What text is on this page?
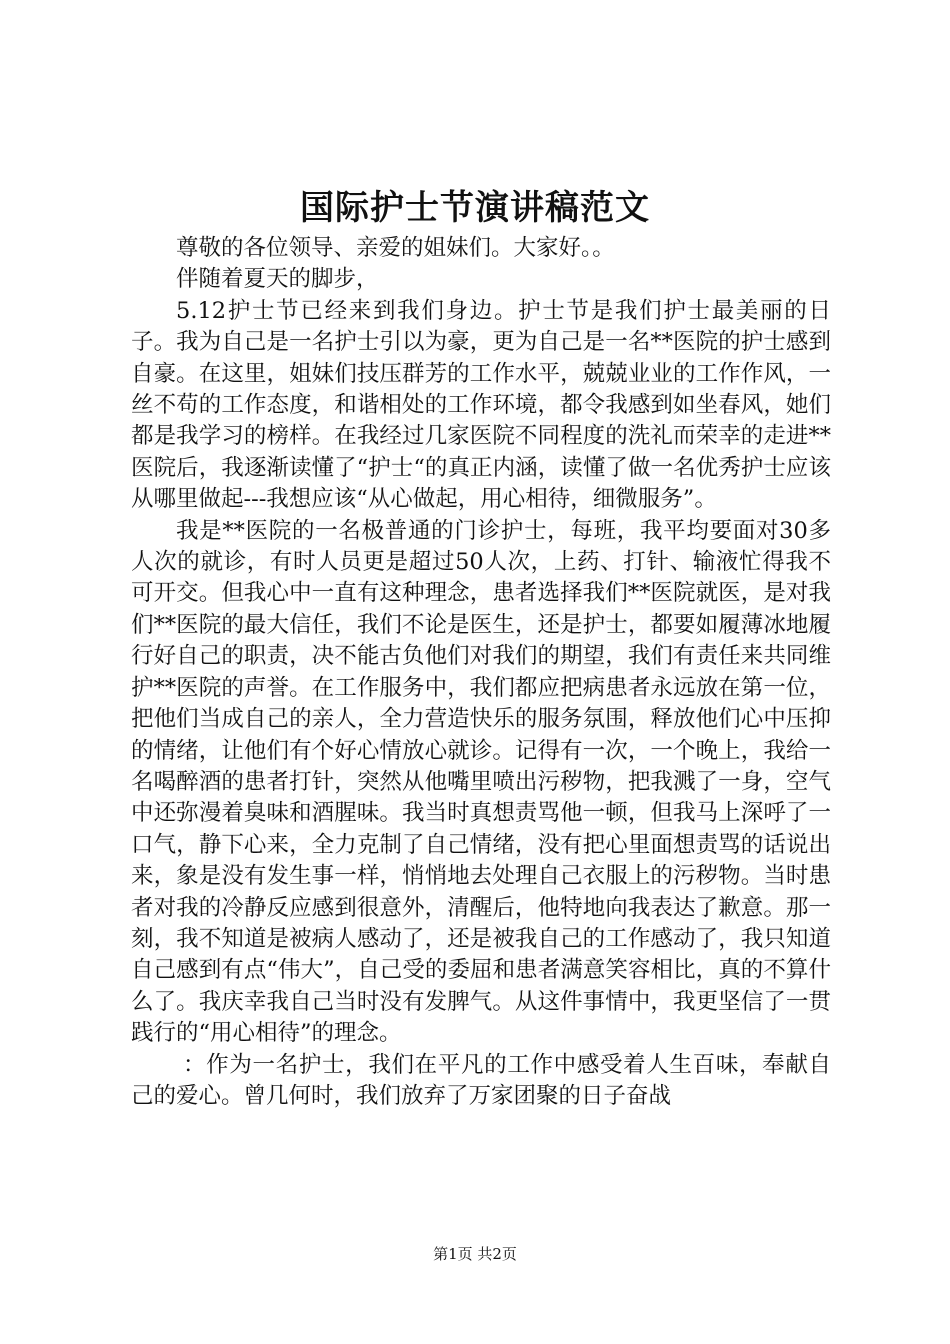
国际护士节演讲稿范文

尊敬的各位领导、亲爱的姐妹们。大家好。。

伴随着夏天的脚步，

5.12护士节已经来到我们身边。护士节是我们护士最美丽的日子。我为自己是一名护士引以为豪，更为自己是一名**医院的护士感到自豪。在这里，姐妹们技压群芳的工作水平，兢兢业业的工作作风，一丝不苟的工作态度，和谐相处的工作环境，都令我感到如坐春风，她们都是我学习的榜样。在我经过几家医院不同程度的洗礼而荣幸的走进**医院后，我逐渐读懂了“护士“的真正内涵，读懂了做一名优秀护士应该从哪里做起---我想应该“从心做起，用心相待，细微服务”。

我是**医院的一名极普通的门诊护士，每班，我平均要面对30多人次的就诊，有时人员更是超过50人次，上药、打针、输液忙得我不可开交。但我心中一直有这种理念，患者选择我们**医院就医，是对我们**医院的最大信任，我们不论是医生，还是护士，都要如履薄冰地履行好自己的职责，决不能古负他们对我们的期望，我们有责任来共同维护**医院的声誉。在工作服务中，我们都应把病患者永远放在第一位，把他们当成自己的亲人，全力营造快乐的服务氛围，释放他们心中压抑的情绪，让他们有个好心情放心就诊。记得有一次，一个晚上，我给一名喝醉酒的患者打针，突然从他嘴里喷出污秽物，把我溅了一身，空气中还弥漫着臭味和酒腥味。我当时真想责骂他一顿，但我马上深呼了一口气，静下心来，全力克制了自己情绪，没有把心里面想责骂的话说出来，象是没有发生事一样，悄悄地去处理自己衣服上的污秽物。当时患者对我的冷静反应感到很意外，清醒后，他特地向我表达了歉意。那一刻，我不知道是被病人感动了，还是被我自己的工作感动了，我只知道自己感到有点“伟大”，自己受的委屈和患者满意笑容相比，真的不算什么了。我庆幸我自己当时没有发脾气。从这件事情中，我更坚信了一贯践行的“用心相待”的理念。

：作为一名护士，我们在平凡的工作中感受着人生百味，奉献自己的爱心。曾几何时，我们放弃了万家团聚的日子奋战

第1页 共2页
